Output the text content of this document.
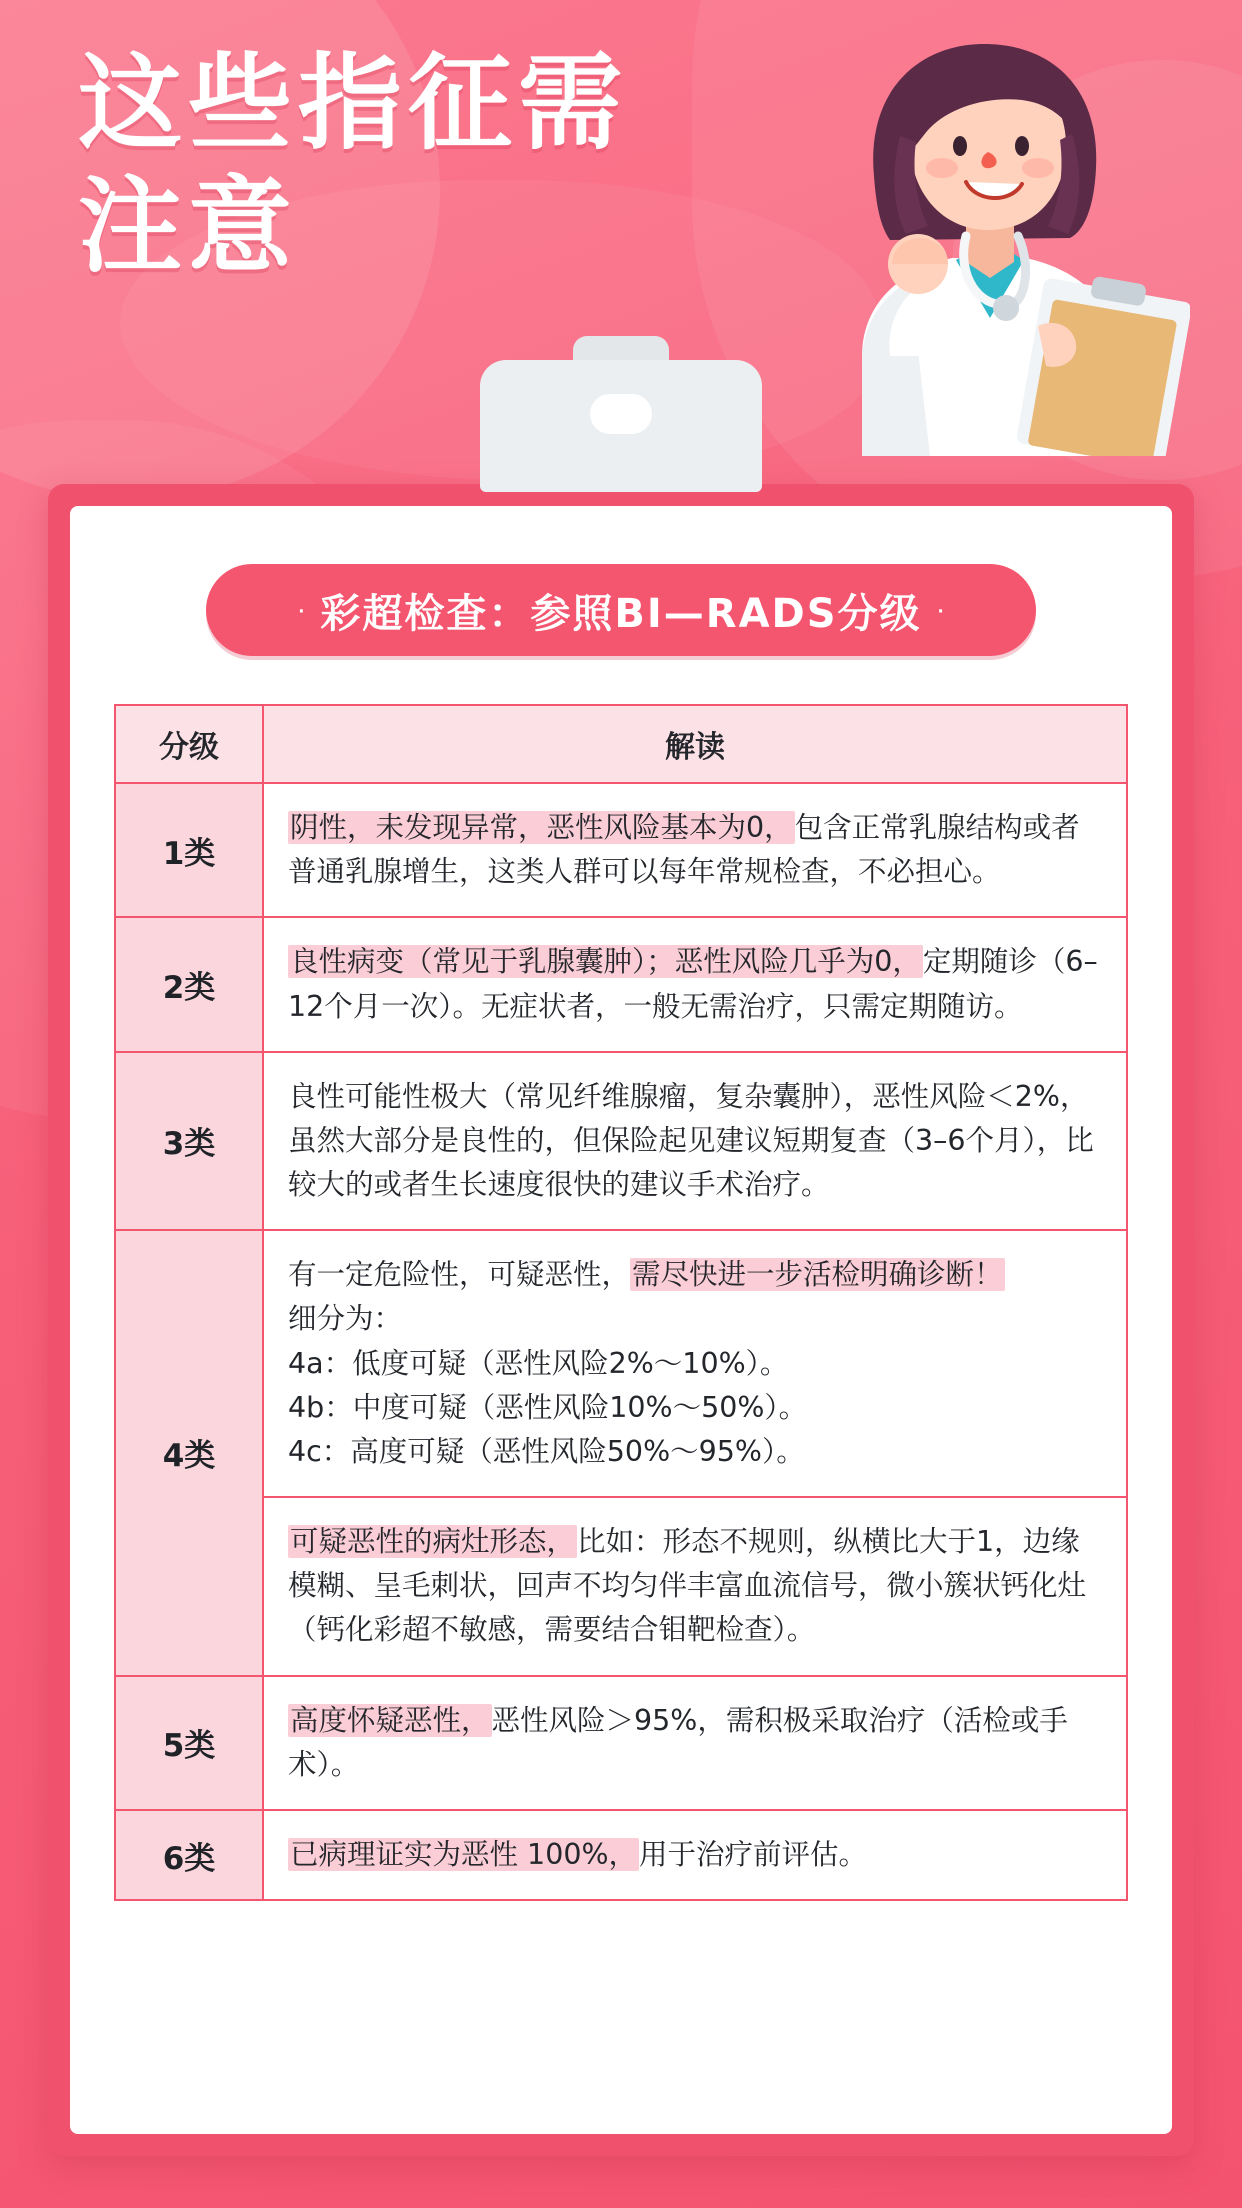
这些指征需
注意
· 彩超检查：参照BI—RADS分级 ·
分级	解读
1类	阴性，未发现异常，恶性风险基本为0，包含正常乳腺结构或者普通乳腺增生，这类人群可以每年常规检查，不必担心。

2类	良性病变（常见于乳腺囊肿）；恶性风险几乎为0，定期随诊（6–12个月一次）。无症状者，一般无需治疗，只需定期随访。

3类	良性可能性极大（常见纤维腺瘤，复杂囊肿），恶性风险＜2%，虽然大部分是良性的，但保险起见建议短期复查（3–6个月），比较大的或者生长速度很快的建议手术治疗。

4类	有一定危险性，可疑恶性，需尽快进一步活检明确诊断！

细分为：

4a：低度可疑（恶性风险2%～10%）。

4b：中度可疑（恶性风险10%～50%）。

4c：高度可疑（恶性风险50%～95%）。

	可疑恶性的病灶形态，比如：形态不规则，纵横比大于1，边缘模糊、呈毛刺状，回声不均匀伴丰富血流信号，微小簇状钙化灶（钙化彩超不敏感，需要结合钼靶检查）。

5类	高度怀疑恶性，恶性风险＞95%，需积极采取治疗（活检或手术）。

6类	已病理证实为恶性 100%，用于治疗前评估。
